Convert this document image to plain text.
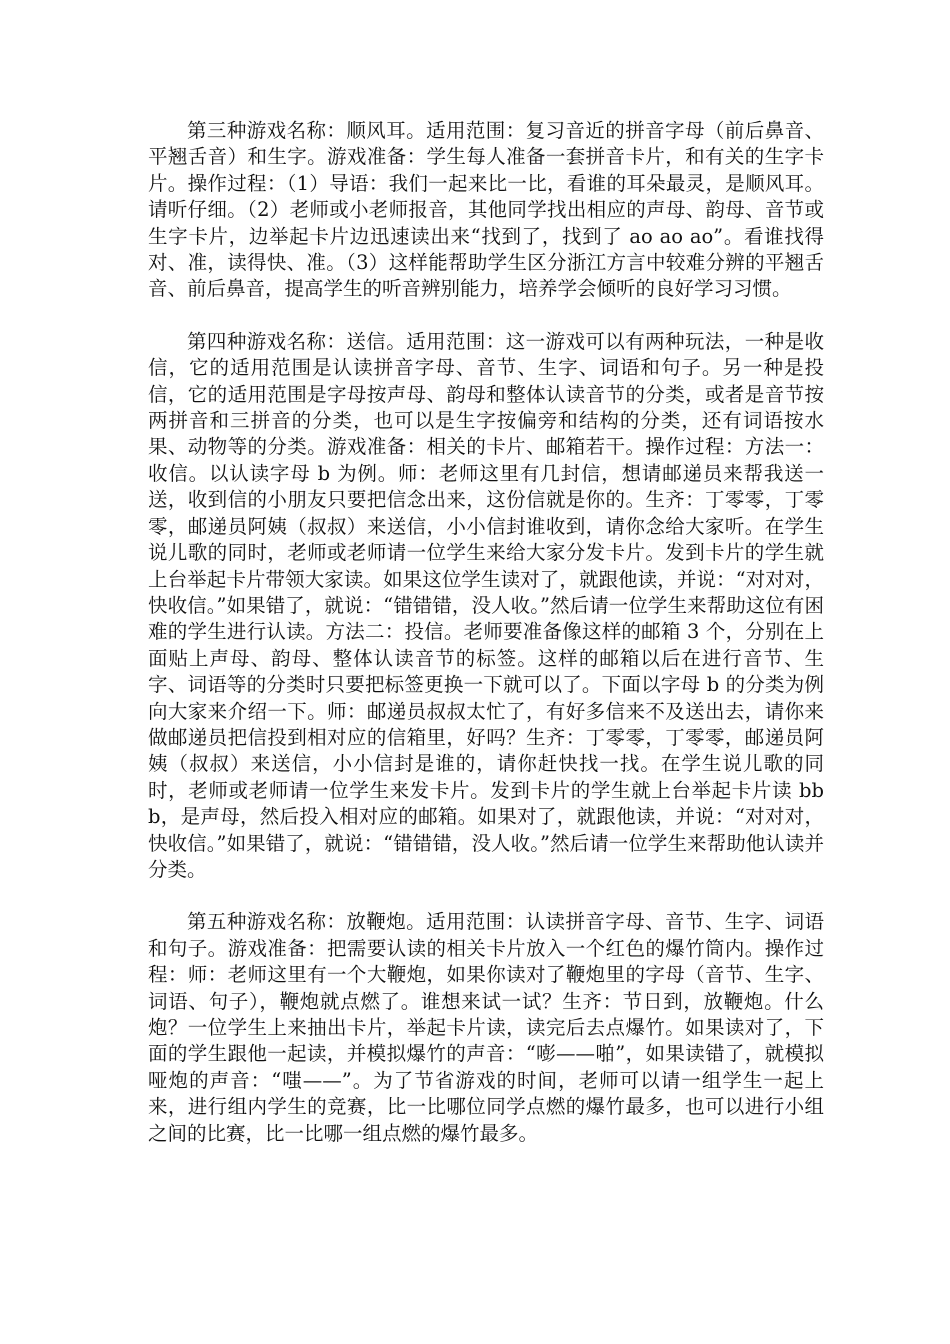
第三种游戏名称：顺风耳。适用范围：复习音近的拼音字母（前后鼻音、平翘舌音）和生字。游戏准备：学生每人准备一套拼音卡片，和有关的生字卡片。操作过程：（1）导语：我们一起来比一比，看谁的耳朵最灵，是顺风耳。请听仔细。（2）老师或小老师报音，其他同学找出相应的声母、韵母、音节或生字卡片，边举起卡片边迅速读出来“找到了，找到了 ao ao ao”。看谁找得对、准，读得快、准。（3）这样能帮助学生区分浙江方言中较难分辨的平翘舌音、前后鼻音，提高学生的听音辨别能力，培养学会倾听的良好学习习惯。

第四种游戏名称：送信。适用范围：这一游戏可以有两种玩法，一种是收信，它的适用范围是认读拼音字母、音节、生字、词语和句子。另一种是投信，它的适用范围是字母按声母、韵母和整体认读音节的分类，或者是音节按两拼音和三拼音的分类，也可以是生字按偏旁和结构的分类，还有词语按水果、动物等的分类。游戏准备：相关的卡片、邮箱若干。操作过程：方法一：收信。以认读字母 b 为例。师：老师这里有几封信，想请邮递员来帮我送一送，收到信的小朋友只要把信念出来，这份信就是你的。生齐：丁零零，丁零零，邮递员阿姨（叔叔）来送信，小小信封谁收到，请你念给大家听。在学生说儿歌的同时，老师或老师请一位学生来给大家分发卡片。发到卡片的学生就上台举起卡片带领大家读。如果这位学生读对了，就跟他读，并说：“对对对，快收信。”如果错了，就说：“错错错，没人收。”然后请一位学生来帮助这位有困难的学生进行认读。方法二：投信。老师要准备像这样的邮箱 3 个，分别在上面贴上声母、韵母、整体认读音节的标签。这样的邮箱以后在进行音节、生字、词语等的分类时只要把标签更换一下就可以了。下面以字母 b 的分类为例向大家来介绍一下。师：邮递员叔叔太忙了，有好多信来不及送出去，请你来做邮递员把信投到相对应的信箱里，好吗？生齐：丁零零，丁零零，邮递员阿姨（叔叔）来送信，小小信封是谁的，请你赶快找一找。在学生说儿歌的同时，老师或老师请一位学生来发卡片。发到卡片的学生就上台举起卡片读 bbb，是声母，然后投入相对应的邮箱。如果对了，就跟他读，并说：“对对对，快收信。”如果错了，就说：“错错错，没人收。”然后请一位学生来帮助他认读并分类。

第五种游戏名称：放鞭炮。适用范围：认读拼音字母、音节、生字、词语和句子。游戏准备：把需要认读的相关卡片放入一个红色的爆竹筒内。操作过程：师：老师这里有一个大鞭炮，如果你读对了鞭炮里的字母（音节、生字、词语、句子），鞭炮就点燃了。谁想来试一试？生齐：节日到，放鞭炮。什么炮？一位学生上来抽出卡片，举起卡片读，读完后去点爆竹。如果读对了，下面的学生跟他一起读，并模拟爆竹的声音：“嘭——啪”，如果读错了，就模拟哑炮的声音：“嗤——”。为了节省游戏的时间，老师可以请一组学生一起上来，进行组内学生的竞赛，比一比哪位同学点燃的爆竹最多，也可以进行小组之间的比赛，比一比哪一组点燃的爆竹最多。
